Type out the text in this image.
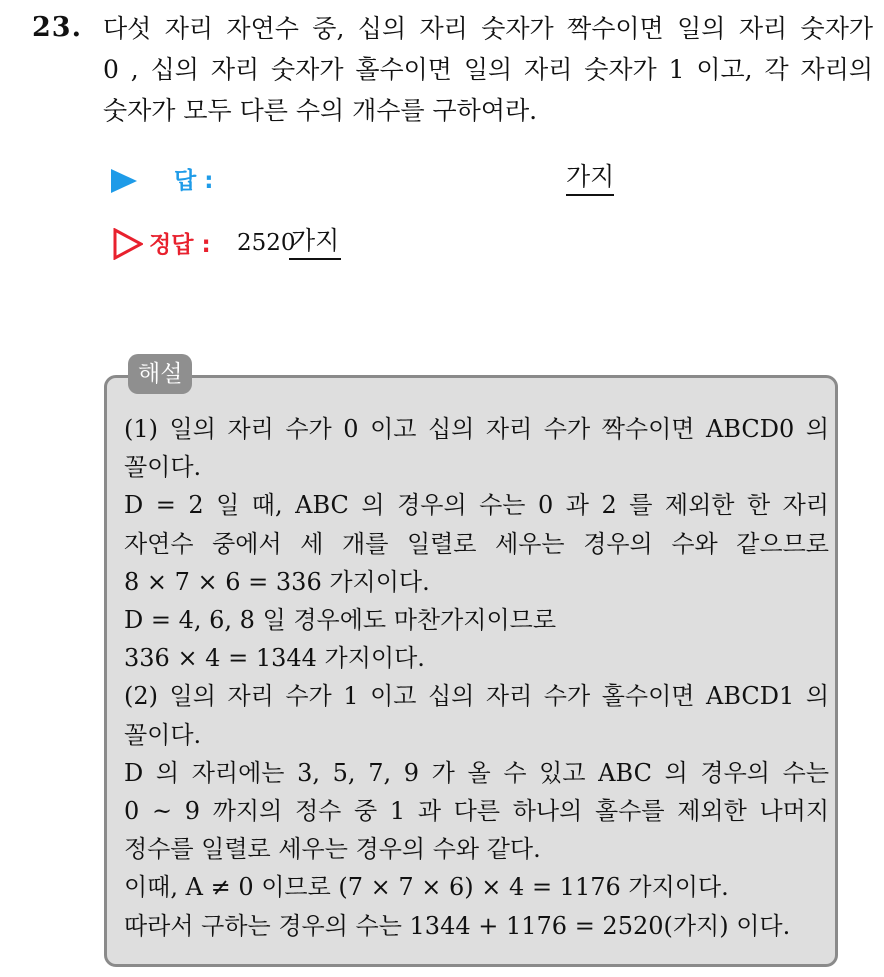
23. 다섯 자리 자연수 중, 십의 자리 숫자가 짝수이면 일의 자리 숫자가
0 , 십의 자리 숫자가 홀수이면 일의 자리 숫자가 1 이고, 각 자리의
숫자가 모두 다른 수의 개수를 구하여라.
답 :	가지
정답 : 2520
가지
해설
(1) 일의 자리 수가 0 이고 십의 자리 수가 짝수이면 ABCD0 의
꼴이다.
D = 2 일 때, ABC 의 경우의 수는 0 과 2 를 제외한 한 자리
자연수 중에서 세 개를 일렬로 세우는 경우의 수와 같으므로
8 × 7 × 6 = 336 가지이다.
D = 4, 6, 8 일 경우에도 마찬가지이므로
336 × 4 = 1344 가지이다.
(2) 일의 자리 수가 1 이고 십의 자리 수가 홀수이면 ABCD1 의
꼴이다.
D 의 자리에는 3, 5, 7, 9 가 올 수 있고 ABC 의 경우의 수는
0 ~ 9 까지의 정수 중 1 과 다른 하나의 홀수를 제외한 나머지
정수를 일렬로 세우는 경우의 수와 같다.
이때, A ≠ 0 이므로 (7 × 7 × 6) × 4 = 1176 가지이다.
따라서 구하는 경우의 수는 1344 + 1176 = 2520(가지) 이다.
